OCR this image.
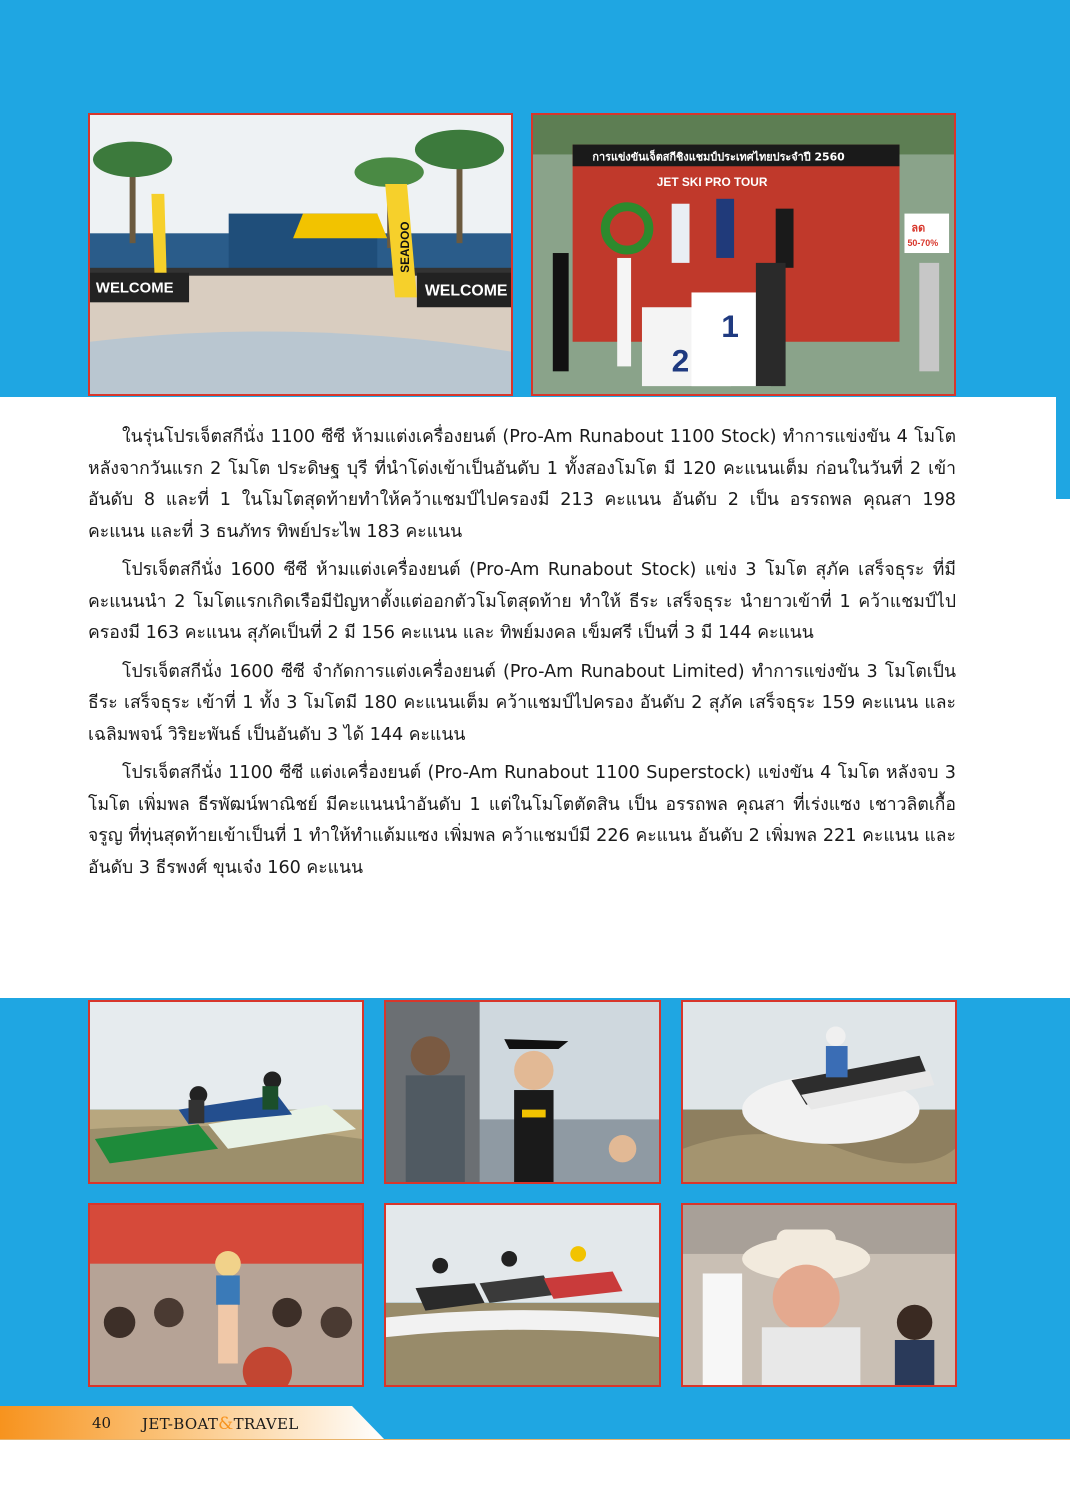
WELCOME	WELCOME
SEADOO
การแข่งขันเจ็ตสกีชิงแชมป์ประเทศไทยประจำปี 2560
JET SKI PRO TOUR
2
1
ลด
50-70%

ในรุ่นโปรเจ็ตสกีนั่ง 1100 ซีซี ห้ามแต่งเครื่องยนต์ (Pro-Am Runabout 1100 Stock) ทำการแข่งขัน 4 โมโต หลังจากวันแรก 2 โมโต ประดิษฐ บุรี ที่นำโด่งเข้าเป็นอันดับ 1 ทั้งสองโมโต มี 120 คะแนนเต็ม ก่อนในวันที่ 2 เข้าอันดับ 8 และที่ 1 ในโมโตสุดท้ายทำให้คว้าแชมป์ไปครองมี 213 คะแนน อันดับ 2 เป็น อรรถพล คุณสา 198 คะแนน และที่ 3 ธนภัทร ทิพย์ประไพ 183 คะแนน

โปรเจ็ตสกีนั่ง 1600 ซีซี ห้ามแต่งเครื่องยนต์ (Pro-Am Runabout Stock) แข่ง 3 โมโต สุภัค เสร็จธุระ ที่มีคะแนนนำ 2 โมโตแรกเกิดเรือมีปัญหาตั้งแต่ออกตัวโมโตสุดท้าย ทำให้ ธีระ เสร็จธุระ นำยาวเข้าที่ 1 คว้าแชมป์ไปครองมี 163 คะแนน สุภัคเป็นที่ 2 มี 156 คะแนน และ ทิพย์มงคล เข็มศรี เป็นที่ 3 มี 144 คะแนน

โปรเจ็ตสกีนั่ง 1600 ซีซี จำกัดการแต่งเครื่องยนต์ (Pro-Am Runabout Limited) ทำการแข่งขัน 3 โมโตเป็น ธีระ เสร็จธุระ เข้าที่ 1 ทั้ง 3 โมโตมี 180 คะแนนเต็ม คว้าแชมป์ไปครอง อันดับ 2 สุภัค เสร็จธุระ 159 คะแนน และ เฉลิมพจน์ วิริยะพันธ์ เป็นอันดับ 3 ได้ 144 คะแนน

โปรเจ็ตสกีนั่ง 1100 ซีซี แต่งเครื่องยนต์ (Pro-Am Runabout 1100 Superstock) แข่งขัน 4 โมโต หลังจบ 3 โมโต เพิ่มพล ธีรพัฒน์พาณิชย์ มีคะแนนนำอันดับ 1 แต่ในโมโตตัดสิน เป็น อรรถพล คุณสา ที่เร่งแซง เชาวลิตเกื้อจรูญ ที่ทุ่นสุดท้ายเข้าเป็นที่ 1 ทำให้ทำแต้มแซง เพิ่มพล คว้าแชมป์มี 226 คะแนน อันดับ 2 เพิ่มพล 221 คะแนน และอันดับ 3 ธีรพงศ์ ขุนเจ๋ง 160 คะแนน

40 JET-BOAT&TRAVEL
